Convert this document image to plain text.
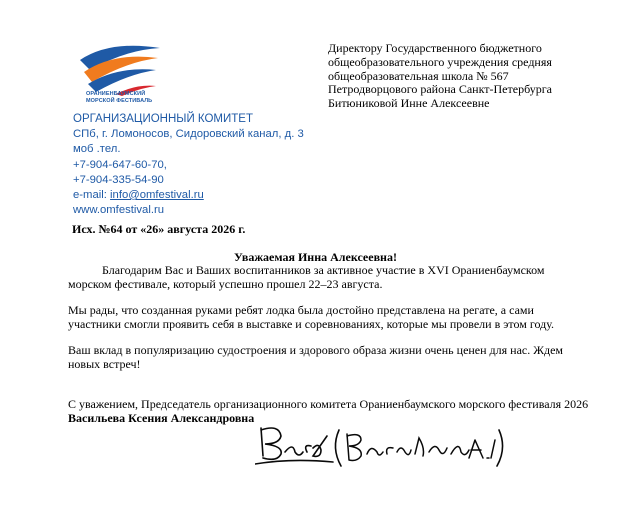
ОРАНИЕНБАУМСКИЙ
МОРСКОЙ ФЕСТИВАЛЬ
Директору Государственного бюджетного
общеобразовательного учреждения средняя
общеобразовательная школа № 567
Петродворцового района Санкт-Петербурга
Битюниковой Инне Алексеевне
ОРГАНИЗАЦИОННЫЙ КОМИТЕТ
СПб, г. Ломоносов, Сидоровский канал, д. 3
моб .тел.
+7-904-647-60-70,
+7-904-335-54-90
e-mail: info@omfestival.ru
www.omfestival.ru
Исх. №64 от «26» августа 2026 г.
Уважаемая Инна Алексеевна!
Благодарим Вас и Ваших воспитанников за активное участие в XVI Ораниенбаумском морском фестивале, который успешно прошел 22–23 августа.
Мы рады, что созданная руками ребят лодка была достойно представлена на регате, а сами участники смогли проявить себя в выставке и соревнованиях, которые мы провели в этом году.
Ваш вклад в популяризацию судостроения и здорового образа жизни очень ценен для нас. Ждем новых встреч!
С уважением, Председатель организационного комитета Ораниенбаумского морского фестиваля 2026
Васильева Ксения Александровна
